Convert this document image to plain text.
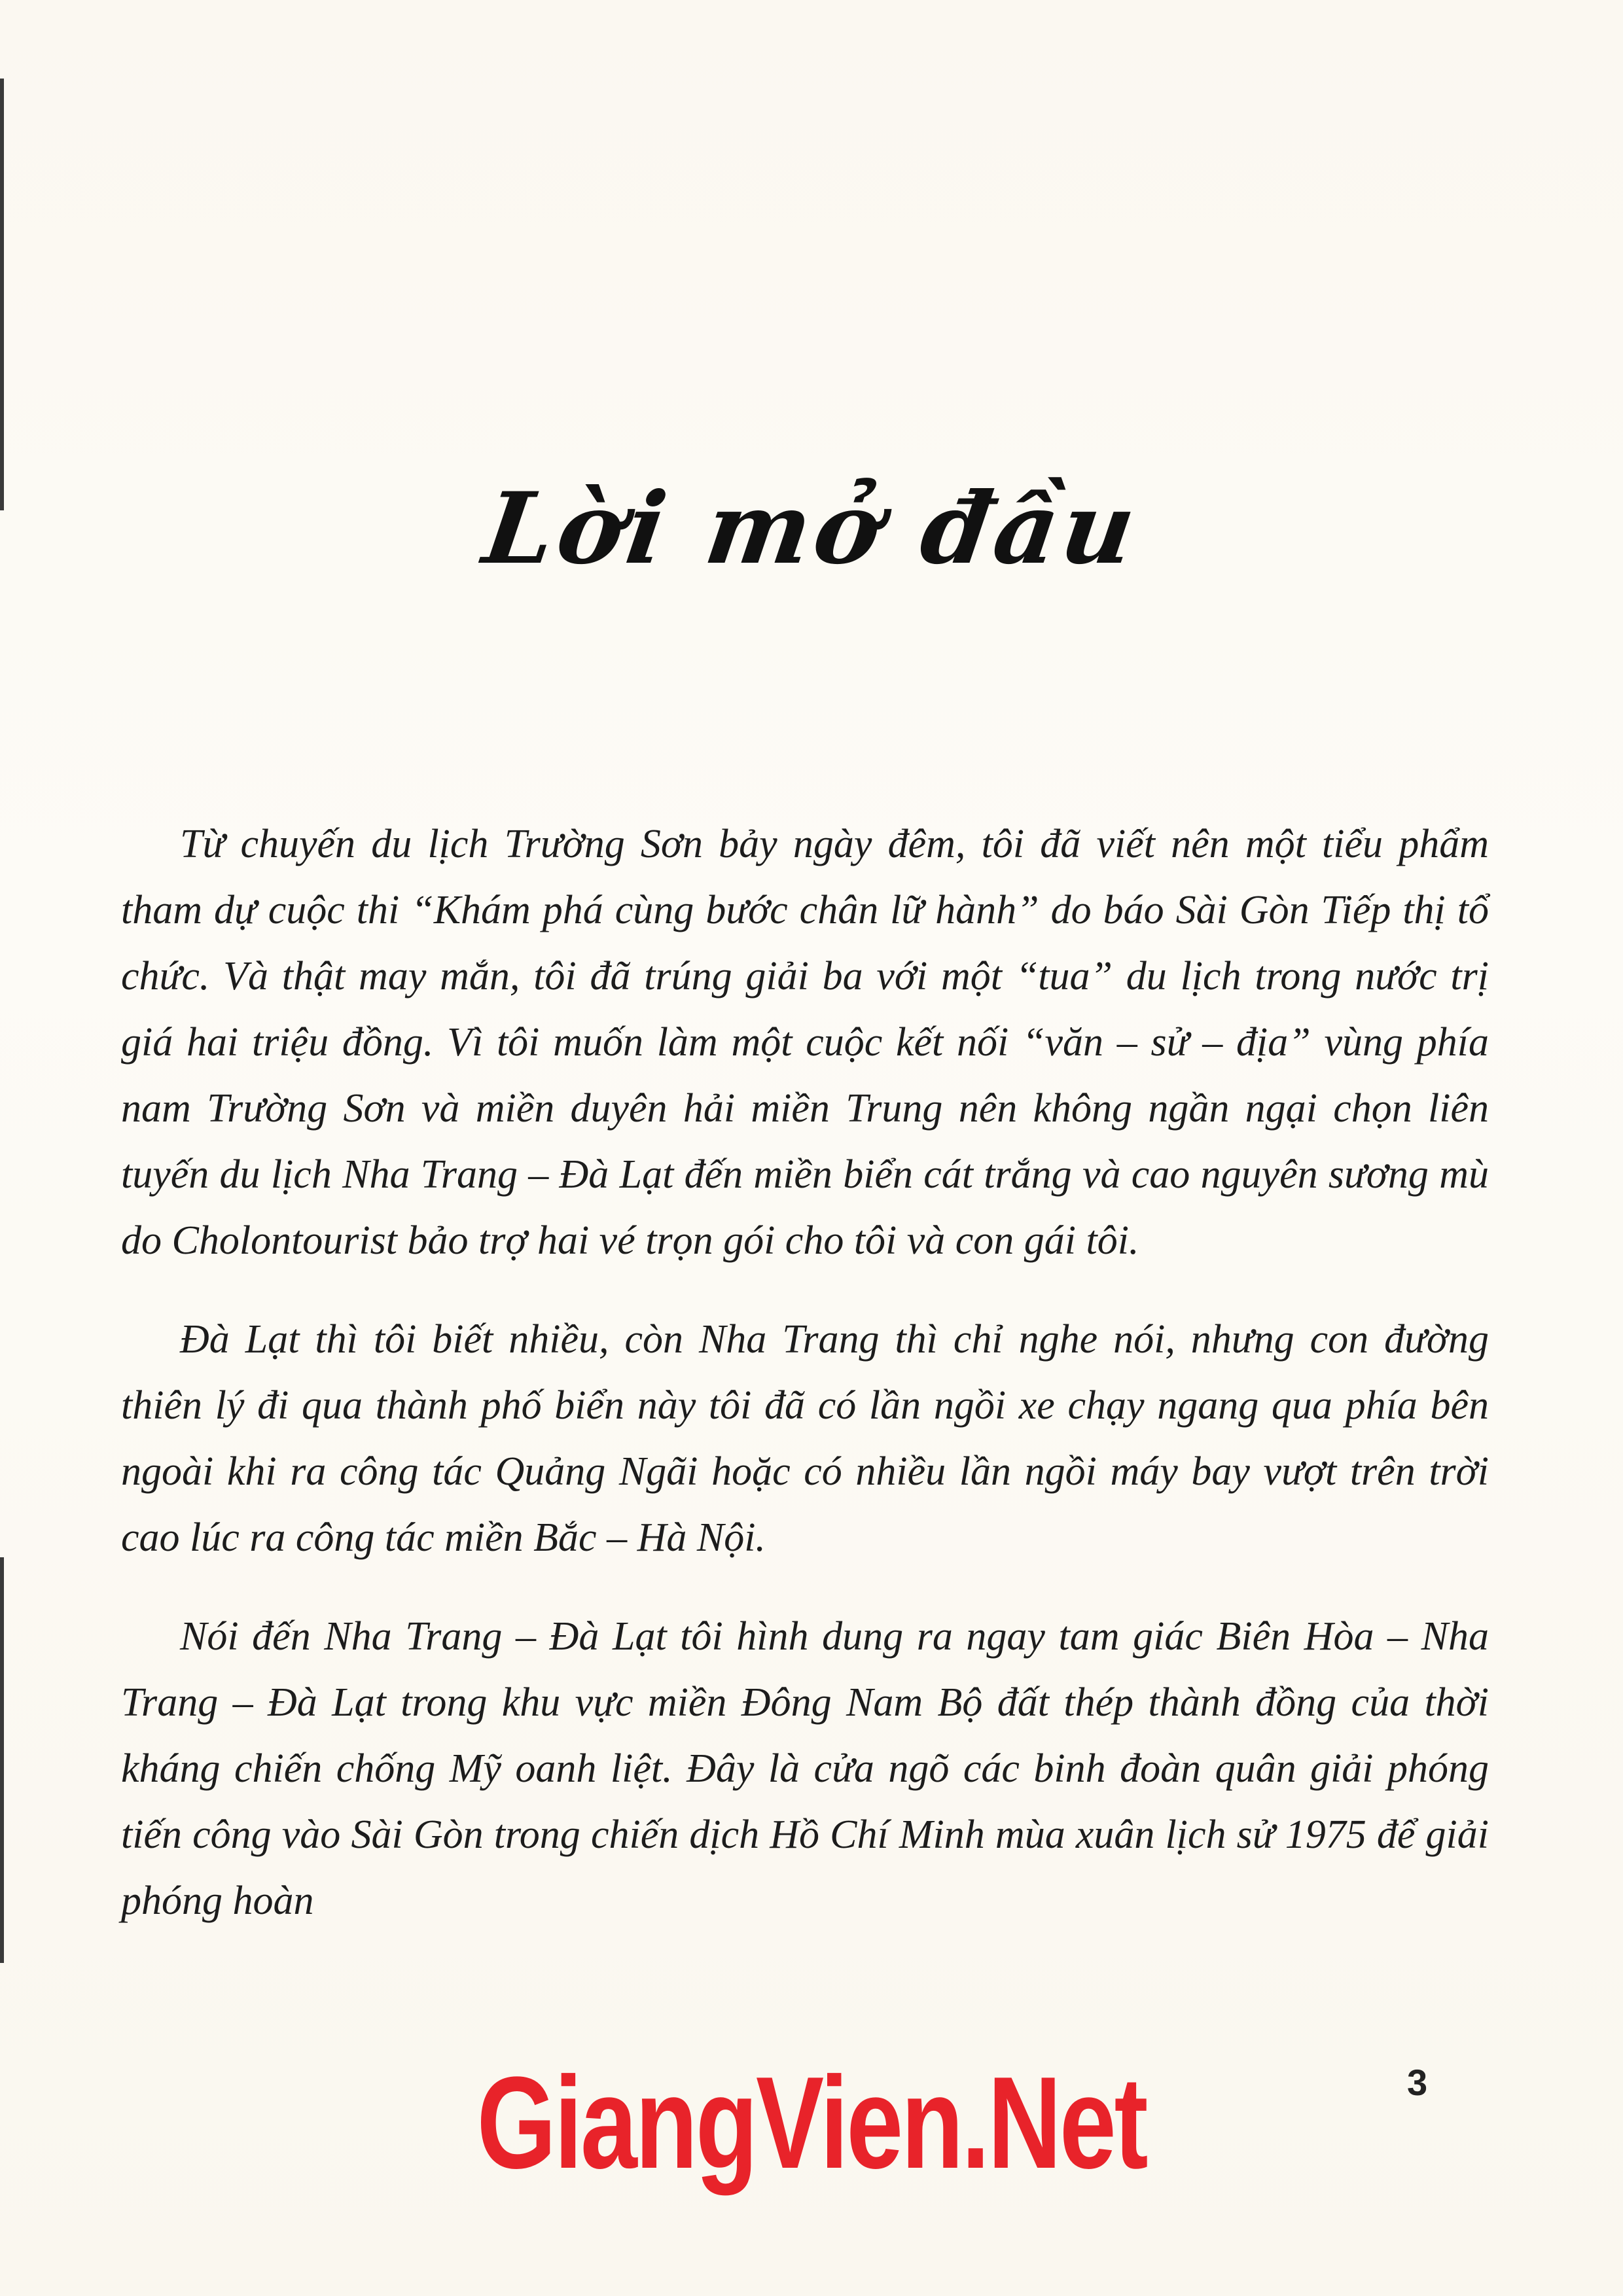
Lời mở đầu

Từ chuyến du lịch Trường Sơn bảy ngày đêm, tôi đã viết nên một tiểu phẩm tham dự cuộc thi “Khám phá cùng bước chân lữ hành” do báo Sài Gòn Tiếp thị tổ chức. Và thật may mắn, tôi đã trúng giải ba với một “tua” du lịch trong nước trị giá hai triệu đồng. Vì tôi muốn làm một cuộc kết nối “văn – sử – địa” vùng phía nam Trường Sơn và miền duyên hải miền Trung nên không ngần ngại chọn liên tuyến du lịch Nha Trang – Đà Lạt đến miền biển cát trắng và cao nguyên sương mù do Cholontourist bảo trợ hai vé trọn gói cho tôi và con gái tôi.

Đà Lạt thì tôi biết nhiều, còn Nha Trang thì chỉ nghe nói, nhưng con đường thiên lý đi qua thành phố biển này tôi đã có lần ngồi xe chạy ngang qua phía bên ngoài khi ra công tác Quảng Ngãi hoặc có nhiều lần ngồi máy bay vượt trên trời cao lúc ra công tác miền Bắc – Hà Nội.

Nói đến Nha Trang – Đà Lạt tôi hình dung ra ngay tam giác Biên Hòa – Nha Trang – Đà Lạt trong khu vực miền Đông Nam Bộ đất thép thành đồng của thời kháng chiến chống Mỹ oanh liệt. Đây là cửa ngõ các binh đoàn quân giải phóng tiến công vào Sài Gòn trong chiến dịch Hồ Chí Minh mùa xuân lịch sử 1975 để giải phóng hoàn

GiangVien.Net	3
